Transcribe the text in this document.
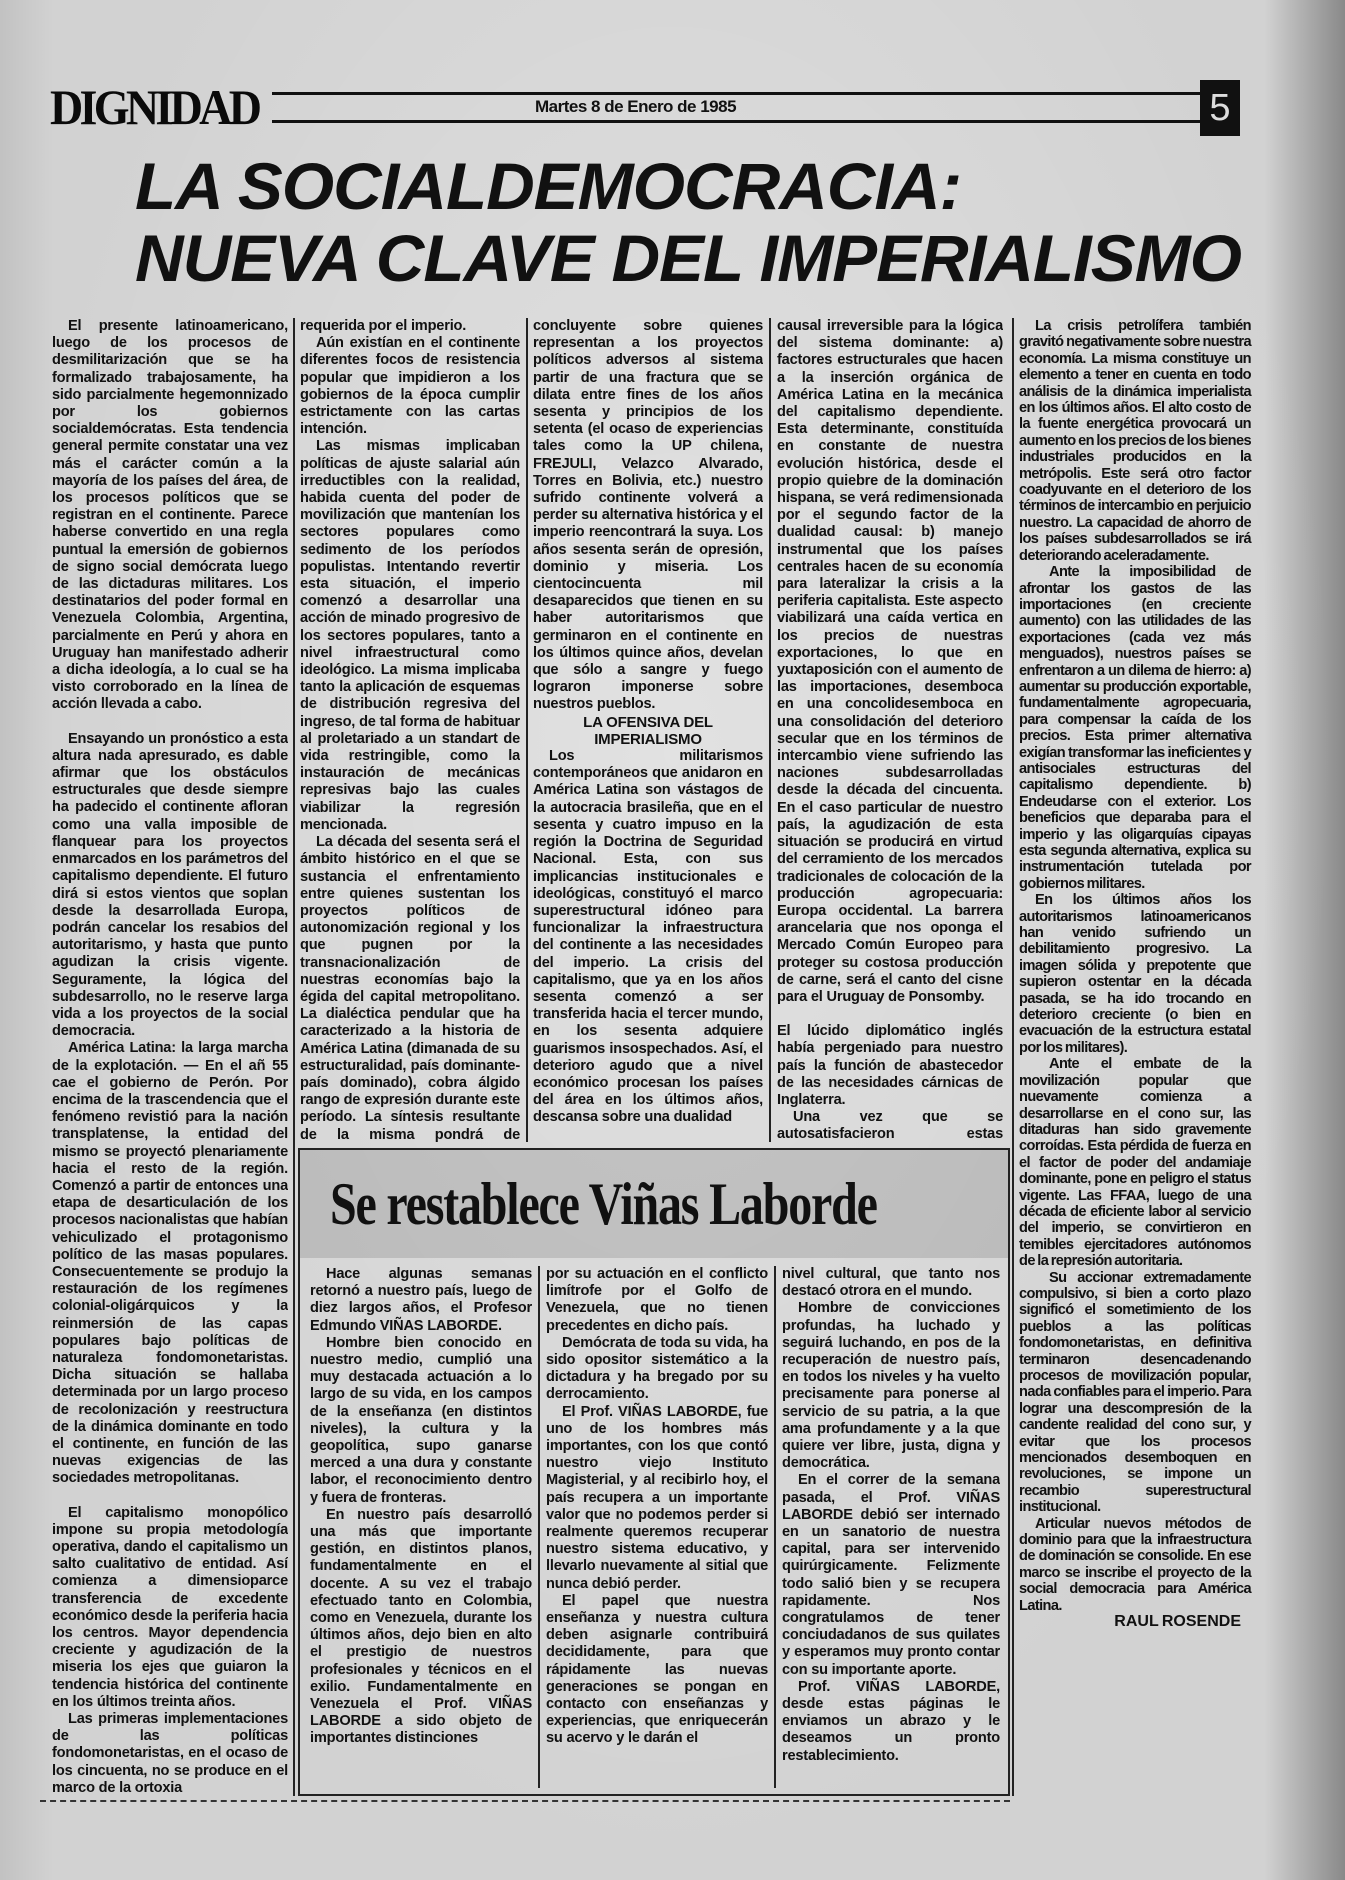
DIGNIDAD	Martes 8 de Enero de 1985	5
LA SOCIALDEMOCRACIA:
NUEVA CLAVE DEL IMPERIALISMO

El presente latinoamericano, luego de los procesos de desmilitarización que se ha formalizado trabajosamente, ha sido parcialmente hegemonnizado por los gobiernos socialdemócratas. Esta tendencia general permite constatar una vez más el carácter común a la mayoría de los países del área, de los procesos políticos que se registran en el continente. Parece haberse convertido en una regla puntual la emersión de gobiernos de signo social demócrata luego de las dictaduras militares. Los destinatarios del poder formal en Venezuela Colombia, Argentina, parcialmente en Perú y ahora en Uruguay han manifestado adherir a dicha ideología, a lo cual se ha visto corroborado en la línea de acción llevada a cabo.

Ensayando un pronóstico a esta altura nada apresurado, es dable afirmar que los obstáculos estructurales que desde siempre ha padecido el continente afloran como una valla imposible de flanquear para los proyectos enmarcados en los parámetros del capitalismo dependiente. El futuro dirá si estos vientos que soplan desde la desarrollada Europa, podrán cancelar los resabios del autoritarismo, y hasta que punto agudizan la crisis vigente. Seguramente, la lógica del subdesarrollo, no le reserve larga vida a los proyectos de la social democracia.

América Latina: la larga marcha de la explotación. — En el añ 55 cae el gobierno de Perón. Por encima de la trascendencia que el fenómeno revistió para la nación transplatense, la entidad del mismo se proyectó plenariamente hacia el resto de la región. Comenzó a partir de entonces una etapa de desarticulación de los procesos nacionalistas que habían vehiculizado el protagonismo político de las masas populares. Consecuentemente se produjo la restauración de los regímenes colonial-oligárquicos y la reinmersión de las capas populares bajo políticas de naturaleza fondomonetaristas. Dicha situación se hallaba determinada por un largo proceso de recolonización y reestructura de la dinámica dominante en todo el continente, en función de las nuevas exigencias de las sociedades metropolitanas.

El capitalismo monopólico impone su propia metodología operativa, dando el capitalismo un salto cualitativo de entidad. Así comienza a dimensioparce transferencia de excedente económico desde la periferia hacia los centros. Mayor dependencia creciente y agudización de la miseria los ejes que guiaron la tendencia histórica del continente en los últimos treinta años.

Las primeras implementaciones de las políticas fondomonetaristas, en el ocaso de los cincuenta, no se produce en el marco de la ortoxia

requerida por el imperio.

Aún existían en el continente diferentes focos de resistencia popular que impidieron a los gobiernos de la época cumplir estrictamente con las cartas intención.

Las mismas implicaban políticas de ajuste salarial aún irreductibles con la realidad, habida cuenta del poder de movilización que mantenían los sectores populares como sedimento de los períodos populistas. Intentando revertir esta situación, el imperio comenzó a desarrollar una acción de minado progresivo de los sectores populares, tanto a nivel infraestructural como ideológico. La misma implicaba tanto la aplicación de esquemas de distribución regresiva del ingreso, de tal forma de habituar al proletariado a un standart de vida restringible, como la instauración de mecánicas represivas bajo las cuales viabilizar la regresión mencionada.

La década del sesenta será el ámbito histórico en el que se sustancia el enfrentamiento entre quienes sustentan los proyectos políticos de autonomización regional y los que pugnen por la transnacionalización de nuestras economías bajo la égida del capital metropolitano. La dialéctica pendular que ha caracterizado a la historia de América Latina (dimanada de su estructuralidad, país dominante-país dominado), cobra álgido rango de expresión durante este período. La síntesis resultante de la misma pondrá de

concluyente sobre quienes representan a los proyectos políticos adversos al sistema partir de una fractura que se dilata entre fines de los años sesenta y principios de los setenta (el ocaso de experiencias tales como la UP chilena, FREJULI, Velazco Alvarado, Torres en Bolivia, etc.) nuestro sufrido continente volverá a perder su alternativa histórica y el imperio reencontrará la suya. Los años sesenta serán de opresión, dominio y miseria. Los cientocincuenta mil desaparecidos que tienen en su haber autoritarismos que germinaron en el continente en los últimos quince años, develan que sólo a sangre y fuego lograron imponerse sobre nuestros pueblos.

LA OFENSIVA DEL IMPERIALISMO

Los militarismos contemporáneos que anidaron en América Latina son vástagos de la autocracia brasileña, que en el sesenta y cuatro impuso en la región la Doctrina de Seguridad Nacional. Esta, con sus implicancias institucionales e ideológicas, constituyó el marco superestructural idóneo para funcionalizar la infraestructura del continente a las necesidades del imperio. La crisis del capitalismo, que ya en los años sesenta comenzó a ser transferida hacia el tercer mundo, en los sesenta adquiere guarismos insospechados. Así, el deterioro agudo que a nivel económico procesan los países del área en los últimos años, descansa sobre una dualidad

causal irreversible para la lógica del sistema dominante: a) factores estructurales que hacen a la inserción orgánica de América Latina en la mecánica del capitalismo dependiente. Esta determinante, constituída en constante de nuestra evolución histórica, desde el propio quiebre de la dominación hispana, se verá redimensionada por el segundo factor de la dualidad causal: b) manejo instrumental que los países centrales hacen de su economía para lateralizar la crisis a la periferia capitalista. Este aspecto viabilizará una caída vertica en los precios de nuestras exportaciones, lo que en yuxtaposición con el aumento de las importaciones, desemboca en una concolidesemboca en una consolidación del deterioro secular que en los términos de intercambio viene sufriendo las naciones subdesarrolladas desde la década del cincuenta. En el caso particular de nuestro país, la agudización de esta situación se producirá en virtud del cerramiento de los mercados tradicionales de colocación de la producción agropecuaria: Europa occidental. La barrera arancelaria que nos oponga el Mercado Común Europeo para proteger su costosa producción de carne, será el canto del cisne para el Uruguay de Ponsomby.

El lúcido diplomático inglés había pergeniado para nuestro país la función de abastecedor de las necesidades cárnicas de Inglaterra.

Una vez que se autosatisfacieron estas

La crisis petrolífera también gravitó negativamente sobre nuestra economía. La misma constituye un elemento a tener en cuenta en todo análisis de la dinámica imperialista en los últimos años. El alto costo de la fuente energética provocará un aumento en los precios de los bienes industriales producidos en la metrópolis. Este será otro factor coadyuvante en el deterioro de los términos de intercambio en perjuicio nuestro. La capacidad de ahorro de los países subdesarrollados se irá deteriorando aceleradamente.

Ante la imposibilidad de afrontar los gastos de las importaciones (en creciente aumento) con las utilidades de las exportaciones (cada vez más menguados), nuestros países se enfrentaron a un dilema de hierro: a) aumentar su producción exportable, fundamentalmente agropecuaria, para compensar la caída de los precios. Esta primer alternativa exigían transformar las ineficientes y antisociales estructuras del capitalismo dependiente. b) Endeudarse con el exterior. Los beneficios que deparaba para el imperio y las oligarquías cipayas esta segunda alternativa, explica su instrumentación tutelada por gobiernos militares.

En los últimos años los autoritarismos latinoamericanos han venido sufriendo un debilitamiento progresivo. La imagen sólida y prepotente que supieron ostentar en la década pasada, se ha ido trocando en deterioro creciente (o bien en evacuación de la estructura estatal por los militares).

Ante el embate de la movilización popular que nuevamente comienza a desarrollarse en el cono sur, las ditaduras han sido gravemente corroídas. Esta pérdida de fuerza en el factor de poder del andamiaje dominante, pone en peligro el status vigente. Las FFAA, luego de una década de eficiente labor al servicio del imperio, se convirtieron en temibles ejercitadores autónomos de la represión autoritaria.

Su accionar extremadamente compulsivo, si bien a corto plazo significó el sometimiento de los pueblos a las políticas fondomonetaristas, en definitiva terminaron desencadenando procesos de movilización popular, nada confiables para el imperio. Para lograr una descompresión de la candente realidad del cono sur, y evitar que los procesos mencionados desemboquen en revoluciones, se impone un recambio superestructural institucional.

Articular nuevos métodos de dominio para que la infraestructura de dominación se consolide. En ese marco se inscribe el proyecto de la social democracia para América Latina.

RAUL ROSENDE

Se restablece Viñas Laborde

Hace algunas semanas retornó a nuestro país, luego de diez largos años, el Profesor Edmundo VIÑAS LABORDE.

Hombre bien conocido en nuestro medio, cumplió una muy destacada actuación a lo largo de su vida, en los campos de la enseñanza (en distintos niveles), la cultura y la geopolítica, supo ganarse merced a una dura y constante labor, el reconocimiento dentro y fuera de fronteras.

En nuestro país desarrolló una más que importante gestión, en distintos planos, fundamentalmente en el docente. A su vez el trabajo efectuado tanto en Colombia, como en Venezuela, durante los últimos años, dejo bien en alto el prestigio de nuestros profesionales y técnicos en el exilio. Fundamentalmente en Venezuela el Prof. VIÑAS LABORDE a sido objeto de importantes distinciones

por su actuación en el conflicto limítrofe por el Golfo de Venezuela, que no tienen precedentes en dicho país.

Demócrata de toda su vida, ha sido opositor sistemático a la dictadura y ha bregado por su derrocamiento.

El Prof. VIÑAS LABORDE, fue uno de los hombres más importantes, con los que contó nuestro viejo Instituto Magisterial, y al recibirlo hoy, el país recupera a un importante valor que no podemos perder si realmente queremos recuperar nuestro sistema educativo, y llevarlo nuevamente al sitial que nunca debió perder.

El papel que nuestra enseñanza y nuestra cultura deben asignarle contribuirá decididamente, para que rápidamente las nuevas generaciones se pongan en contacto con enseñanzas y experiencias, que enriquecerán su acervo y le darán el

nivel cultural, que tanto nos destacó otrora en el mundo.

Hombre de convicciones profundas, ha luchado y seguirá luchando, en pos de la recuperación de nuestro país, en todos los niveles y ha vuelto precisamente para ponerse al servicio de su patria, a la que ama profundamente y a la que quiere ver libre, justa, digna y democrática.

En el correr de la semana pasada, el Prof. VIÑAS LABORDE debió ser internado en un sanatorio de nuestra capital, para ser intervenido quirúrgicamente. Felizmente todo salió bien y se recupera rapidamente. Nos congratulamos de tener conciudadanos de sus quilates y esperamos muy pronto contar con su importante aporte.

Prof. VIÑAS LABORDE, desde estas páginas le enviamos un abrazo y le deseamos un pronto restablecimiento.
